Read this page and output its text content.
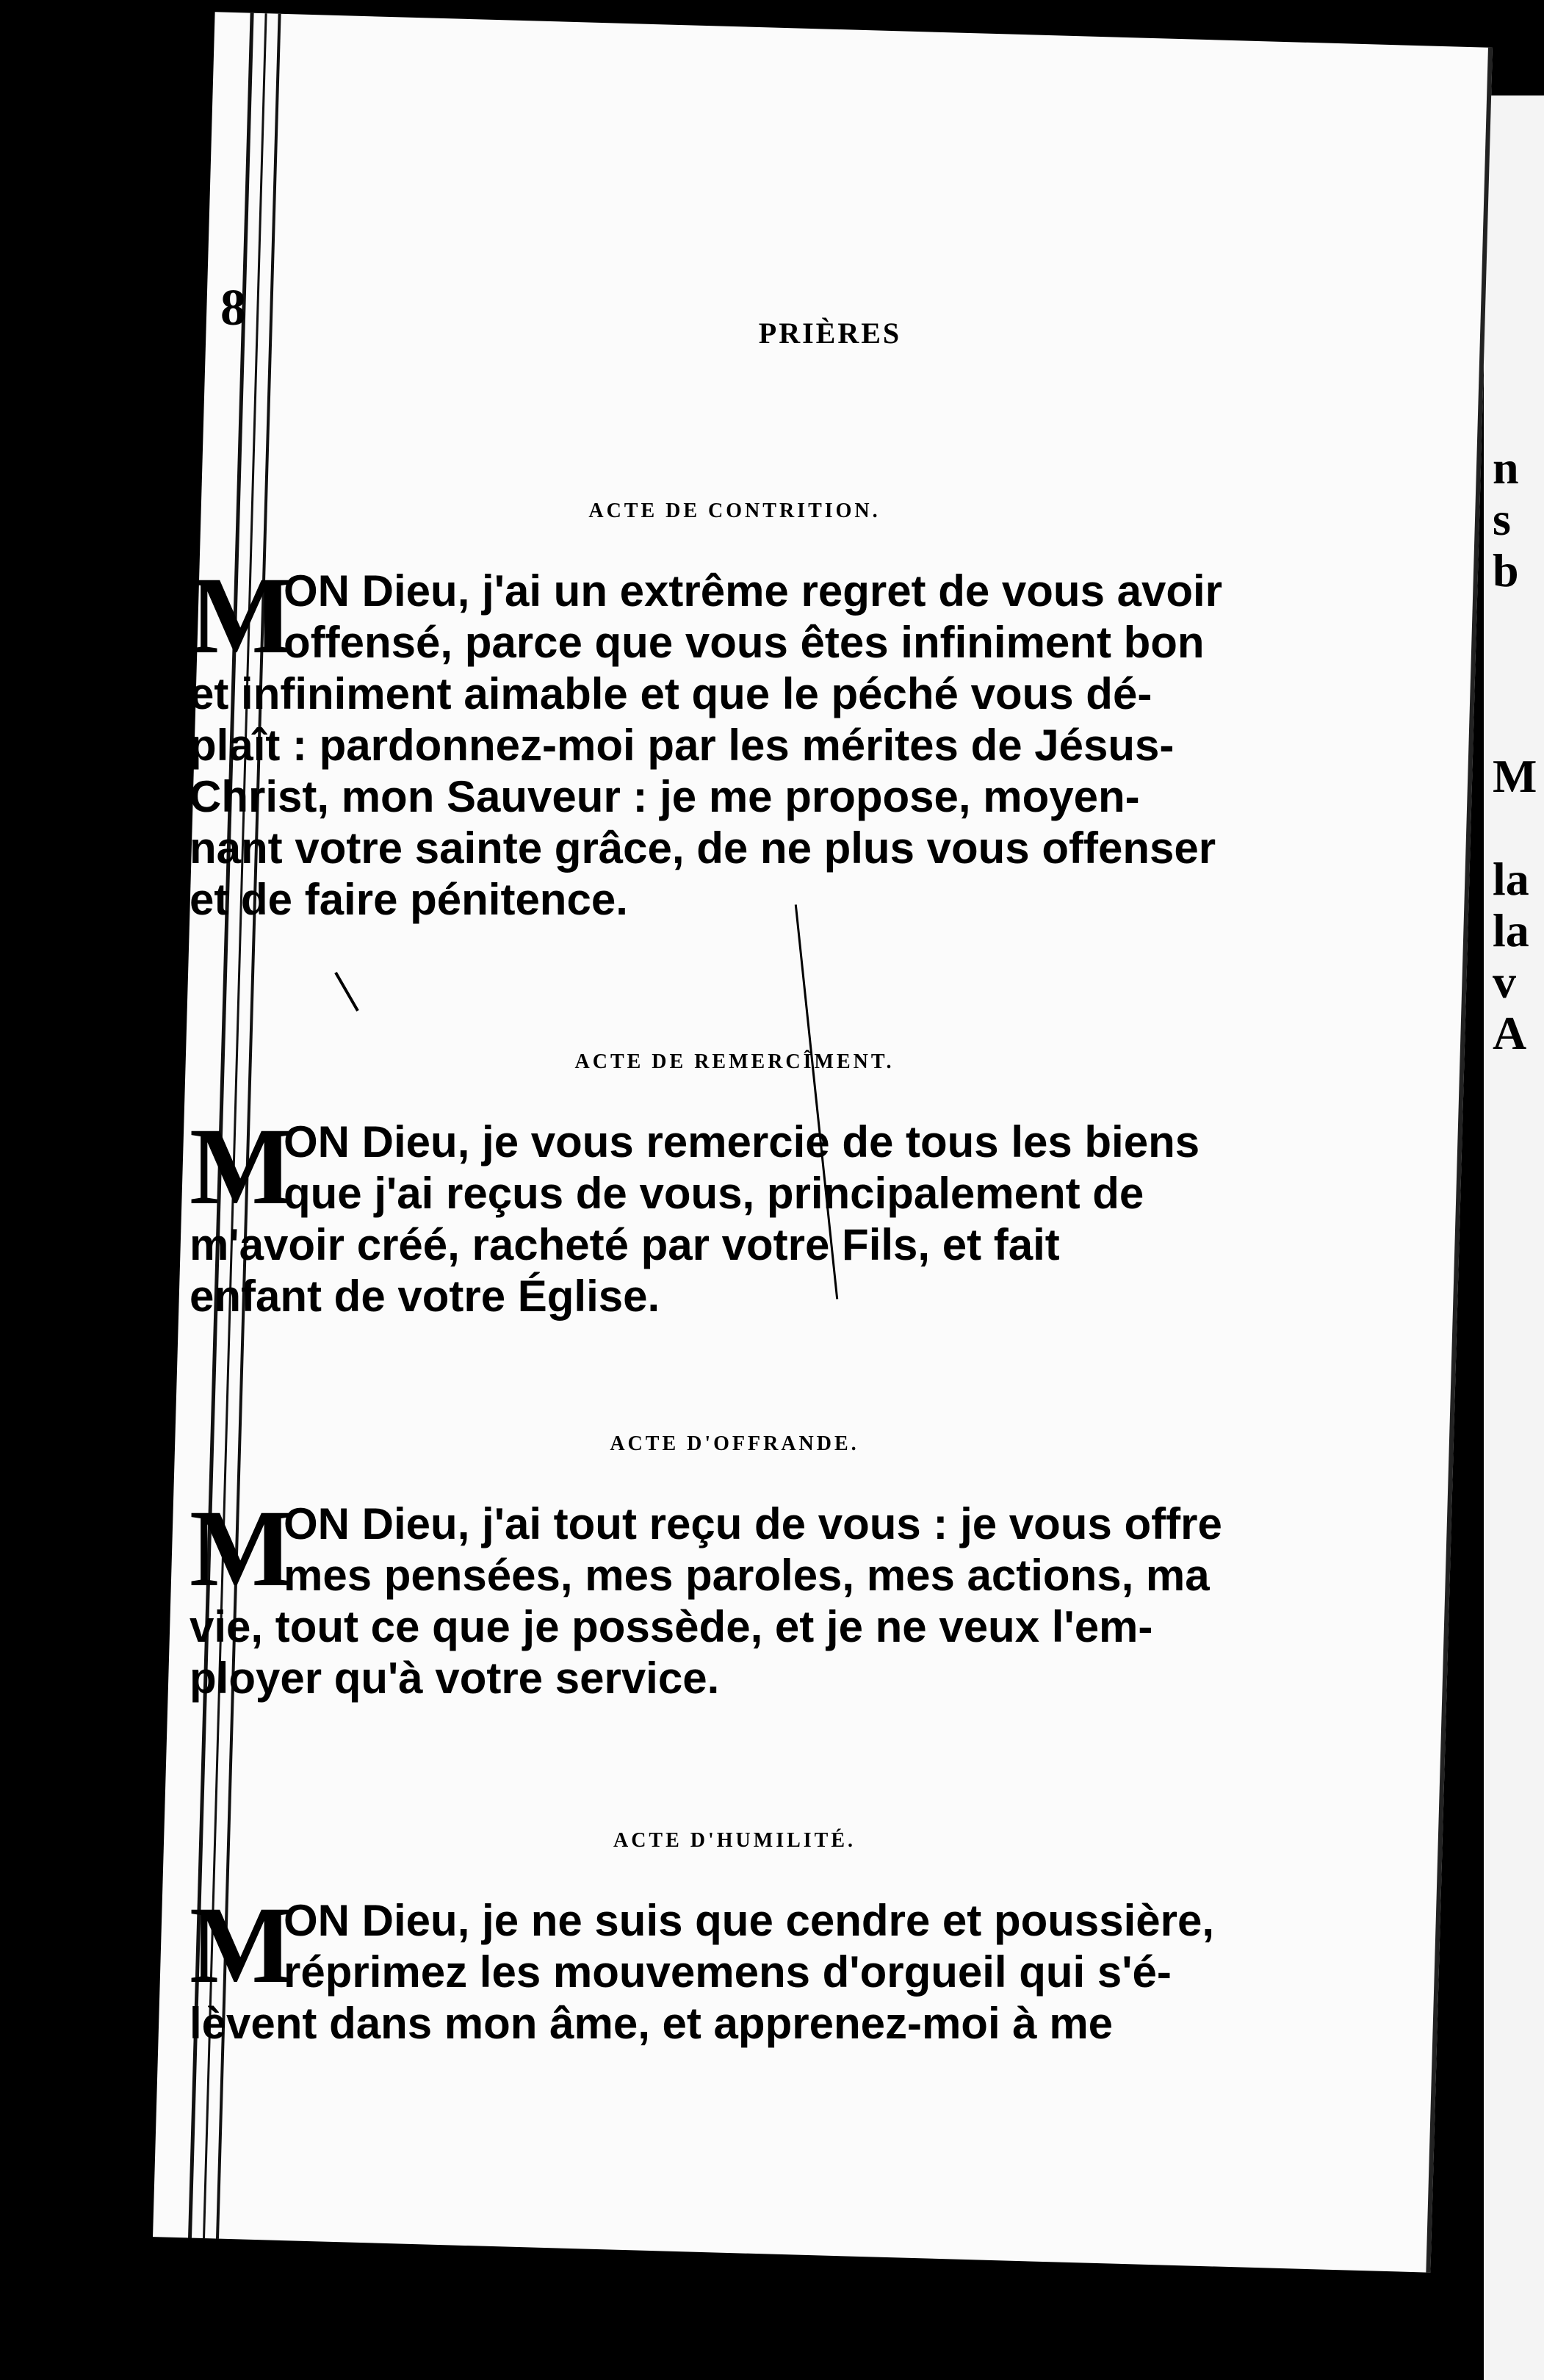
n
s
b
M
la
la
v
A
8	PRIÈRES
ACTE DE CONTRITION.
M
ON Dieu, j'ai un extrême regret de vous avoir
offensé, parce que vous êtes infiniment bon
et infiniment aimable et que le péché vous dé-
plaît : pardonnez-moi par les mérites de Jésus-
Christ, mon Sauveur : je me propose, moyen-
nant votre sainte grâce, de ne plus vous offenser
et de faire pénitence.
ACTE DE REMERCÎMENT.
M
ON Dieu, je vous remercie de tous les biens
que j'ai reçus de vous, principalement de
m'avoir créé, racheté par votre Fils, et fait
enfant de votre Église.
ACTE D'OFFRANDE.
M
ON Dieu, j'ai tout reçu de vous : je vous offre
mes pensées, mes paroles, mes actions, ma
vie, tout ce que je possède, et je ne veux l'em-
ployer qu'à votre service.
ACTE D'HUMILITÉ.
M
ON Dieu, je ne suis que cendre et poussière,
réprimez les mouvemens d'orgueil qui s'é-
lèvent dans mon âme, et apprenez-moi à me
